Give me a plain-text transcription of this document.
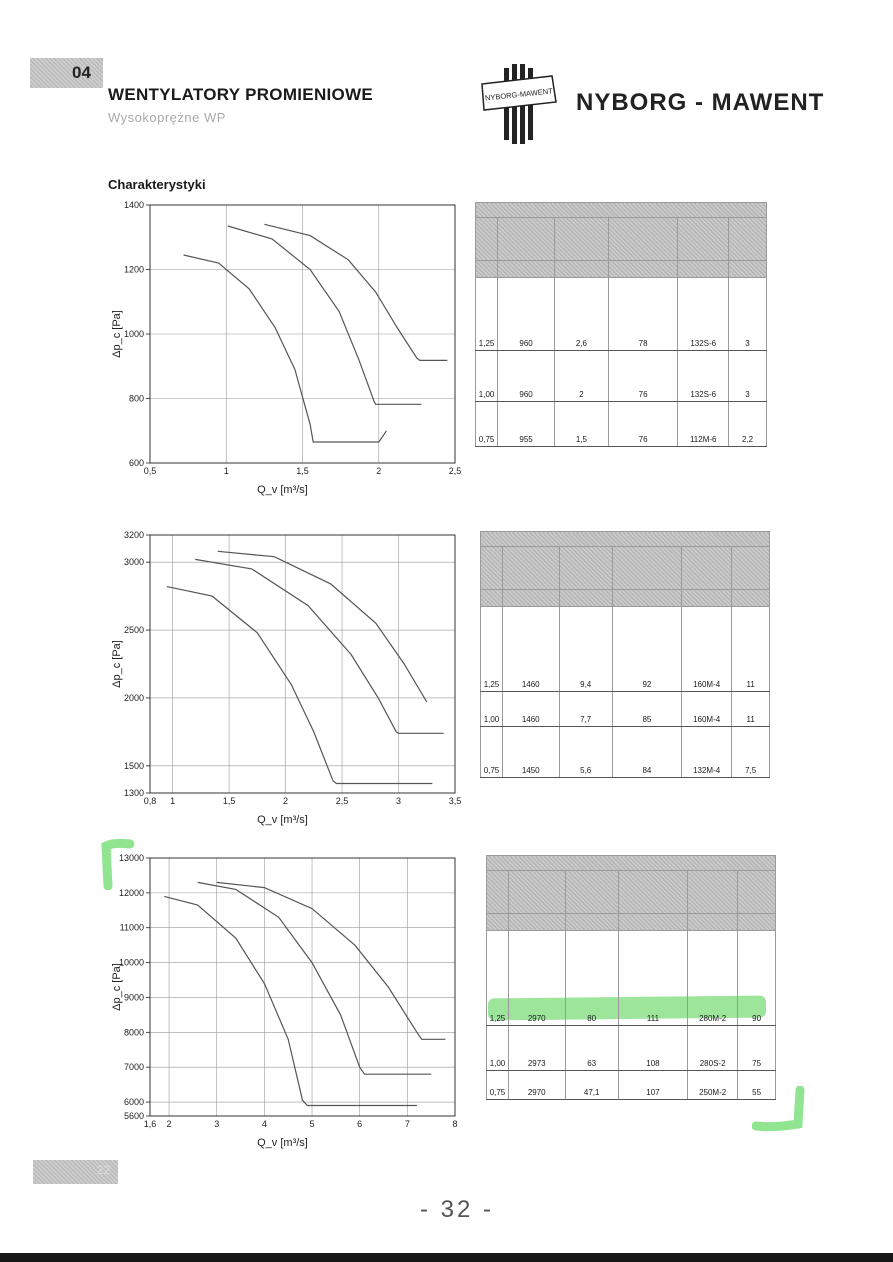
04
WENTYLATORY PROMIENIOWE
Wysokoprężne WP
NYBORG-MAWENT NYBORG - MAWENT
Charakterystyki
0,5	1	1,5	2	2,5
600
800
1000
1200
1400
Q_v [m³/s]
Δp_c [Pa]
0,8 1	1,5	2	2,5	3	3,5
1300
1500
2000
2500
3000
3200
Q_v [m³/s]
Δp_c [Pa]
1,6 2	3	4	5	6	7	8
5600
6000
7000
8000
9000
10000
11000
12000
13000
Q_v [m³/s]
Δp_c [Pa]

1,25	960	2,6	78	132S-6	3
1,00	960	2	76	132S-6	3
0,75	955	1,5	76	112M-6	2,2

1,25	1460	9,4	92	160M-4	11
1,00	1460	7,7	85	160M-4	11
0,75	1450	5,6	84	132M-4	7,5

1,25	2970	80	111	280M-2	90
1,00	2973	63	108	280S-2	75
0,75	2970	47,1	107	250M-2	55
22
- 32 -
